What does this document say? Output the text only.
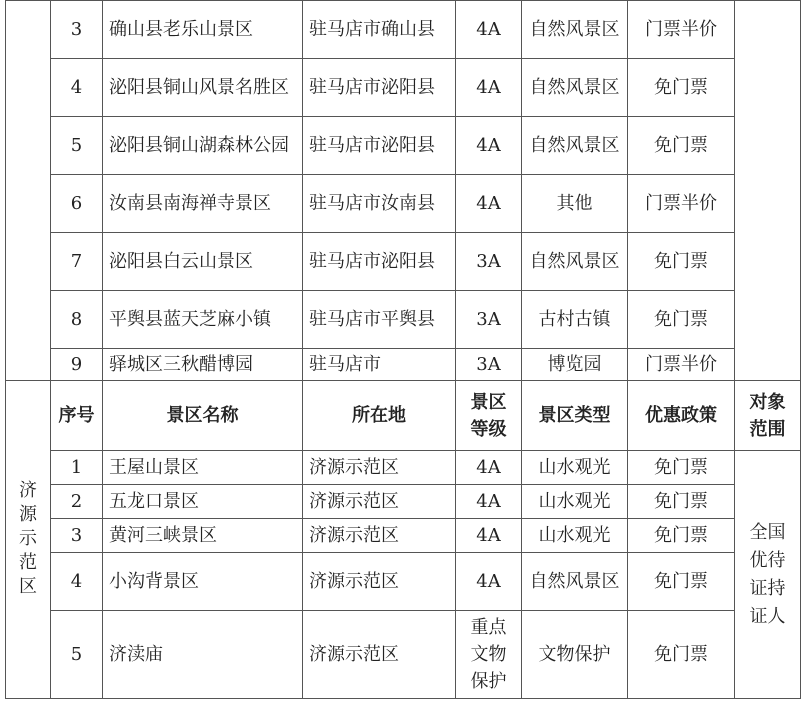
	3	确山县老乐山景区	驻马店市确山县	4A	自然风景区	门票半价	
	4	泌阳县铜山风景名胜区	驻马店市泌阳县	4A	自然风景区	免门票	
	5	泌阳县铜山湖森林公园	驻马店市泌阳县	4A	自然风景区	免门票	
	6	汝南县南海禅寺景区	驻马店市汝南县	4A	其他	门票半价	
	7	泌阳县白云山景区	驻马店市泌阳县	3A	自然风景区	免门票	
	8	平舆县蓝天芝麻小镇	驻马店市平舆县	3A	古村古镇	免门票	
	9	驿城区三秋醋博园	驻马店市	3A	博览园	门票半价	
济源示范区	序号	景区名称	所在地	景区等级	景区类型	优惠政策	对象范围
	1	王屋山景区	济源示范区	4A	山水观光	免门票	全国优待证持证人
	2	五龙口景区	济源示范区	4A	山水观光	免门票	
	3	黄河三峡景区	济源示范区	4A	山水观光	免门票	
	4	小沟背景区	济源示范区	4A	自然风景区	免门票	
	5	济渎庙	济源示范区	重点文物保护	文物保护	免门票	
